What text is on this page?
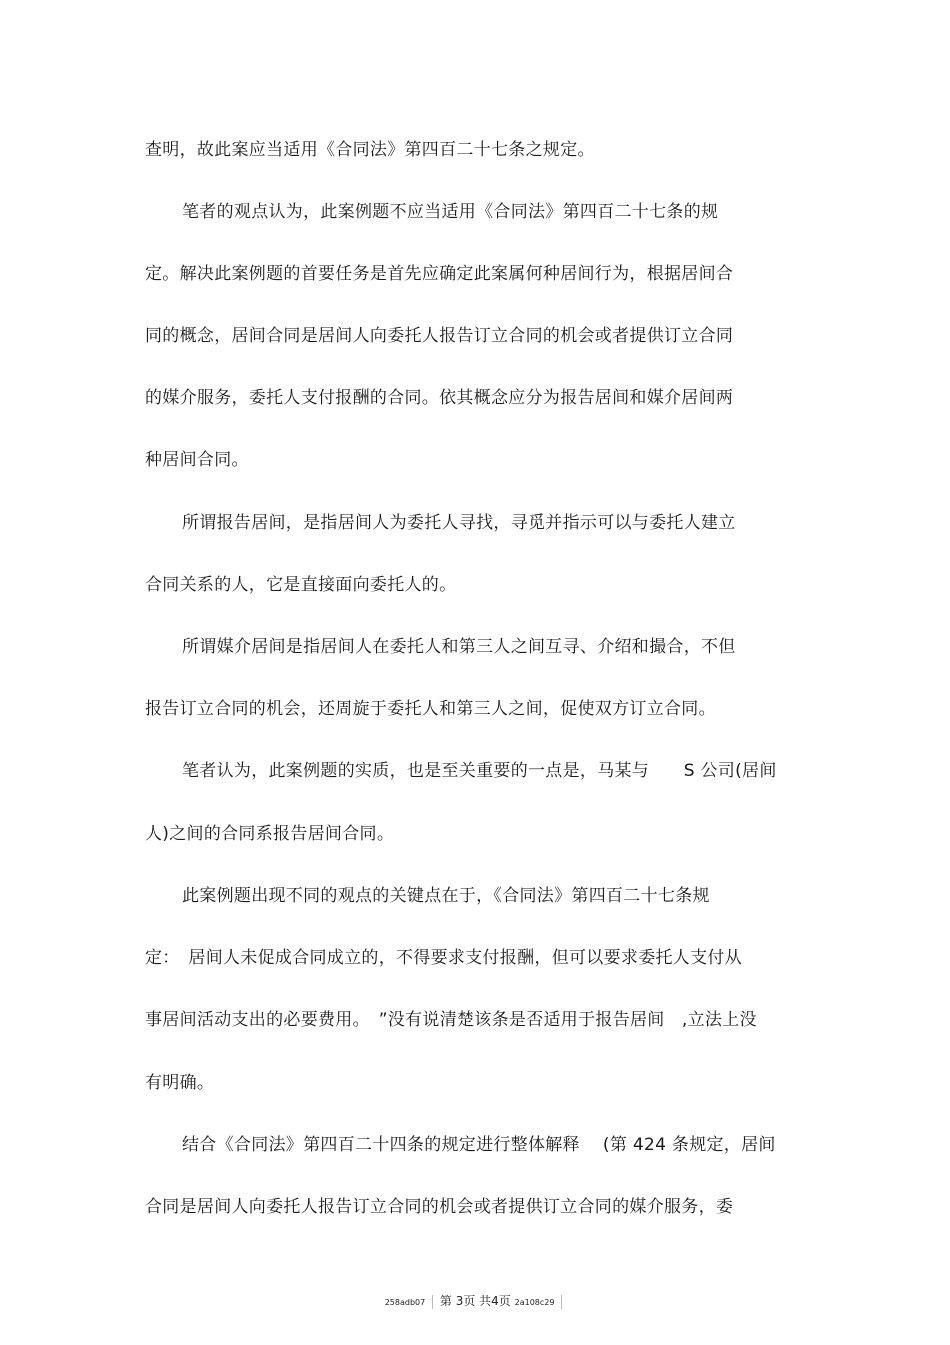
查明，故此案应当适用《合同法》第四百二十七条之规定。
笔者的观点认为，此案例题不应当适用《合同法》第四百二十七条的规
定。解决此案例题的首要任务是首先应确定此案属何种居间行为，根据居间合
同的概念，居间合同是居间人向委托人报告订立合同的机会或者提供订立合同
的媒介服务，委托人支付报酬的合同。依其概念应分为报告居间和媒介居间两
种居间合同。
所谓报告居间，是指居间人为委托人寻找，寻觅并指示可以与委托人建立
合同关系的人，它是直接面向委托人的。
所谓媒介居间是指居间人在委托人和第三人之间互寻、介绍和撮合，不但
报告订立合同的机会，还周旋于委托人和第三人之间，促使双方订立合同。
笔者认为，此案例题的实质，也是至关重要的一点是，马某与　　S 公司(居间
人)之间的合同系报告居间合同。
此案例题出现不同的观点的关键点在于，《合同法》第四百二十七条规
定：　居间人未促成合同成立的，不得要求支付报酬，但可以要求委托人支付从
事居间活动支出的必要费用。　”没有说清楚该条是否适用于报告居间　,立法上没
有明确。
结合《合同法》第四百二十四条的规定进行整体解释　 (第 424 条规定，居间
合同是居间人向委托人报告订立合同的机会或者提供订立合同的媒介服务，委
258adb07 第 3页 共4页 2a108c29
